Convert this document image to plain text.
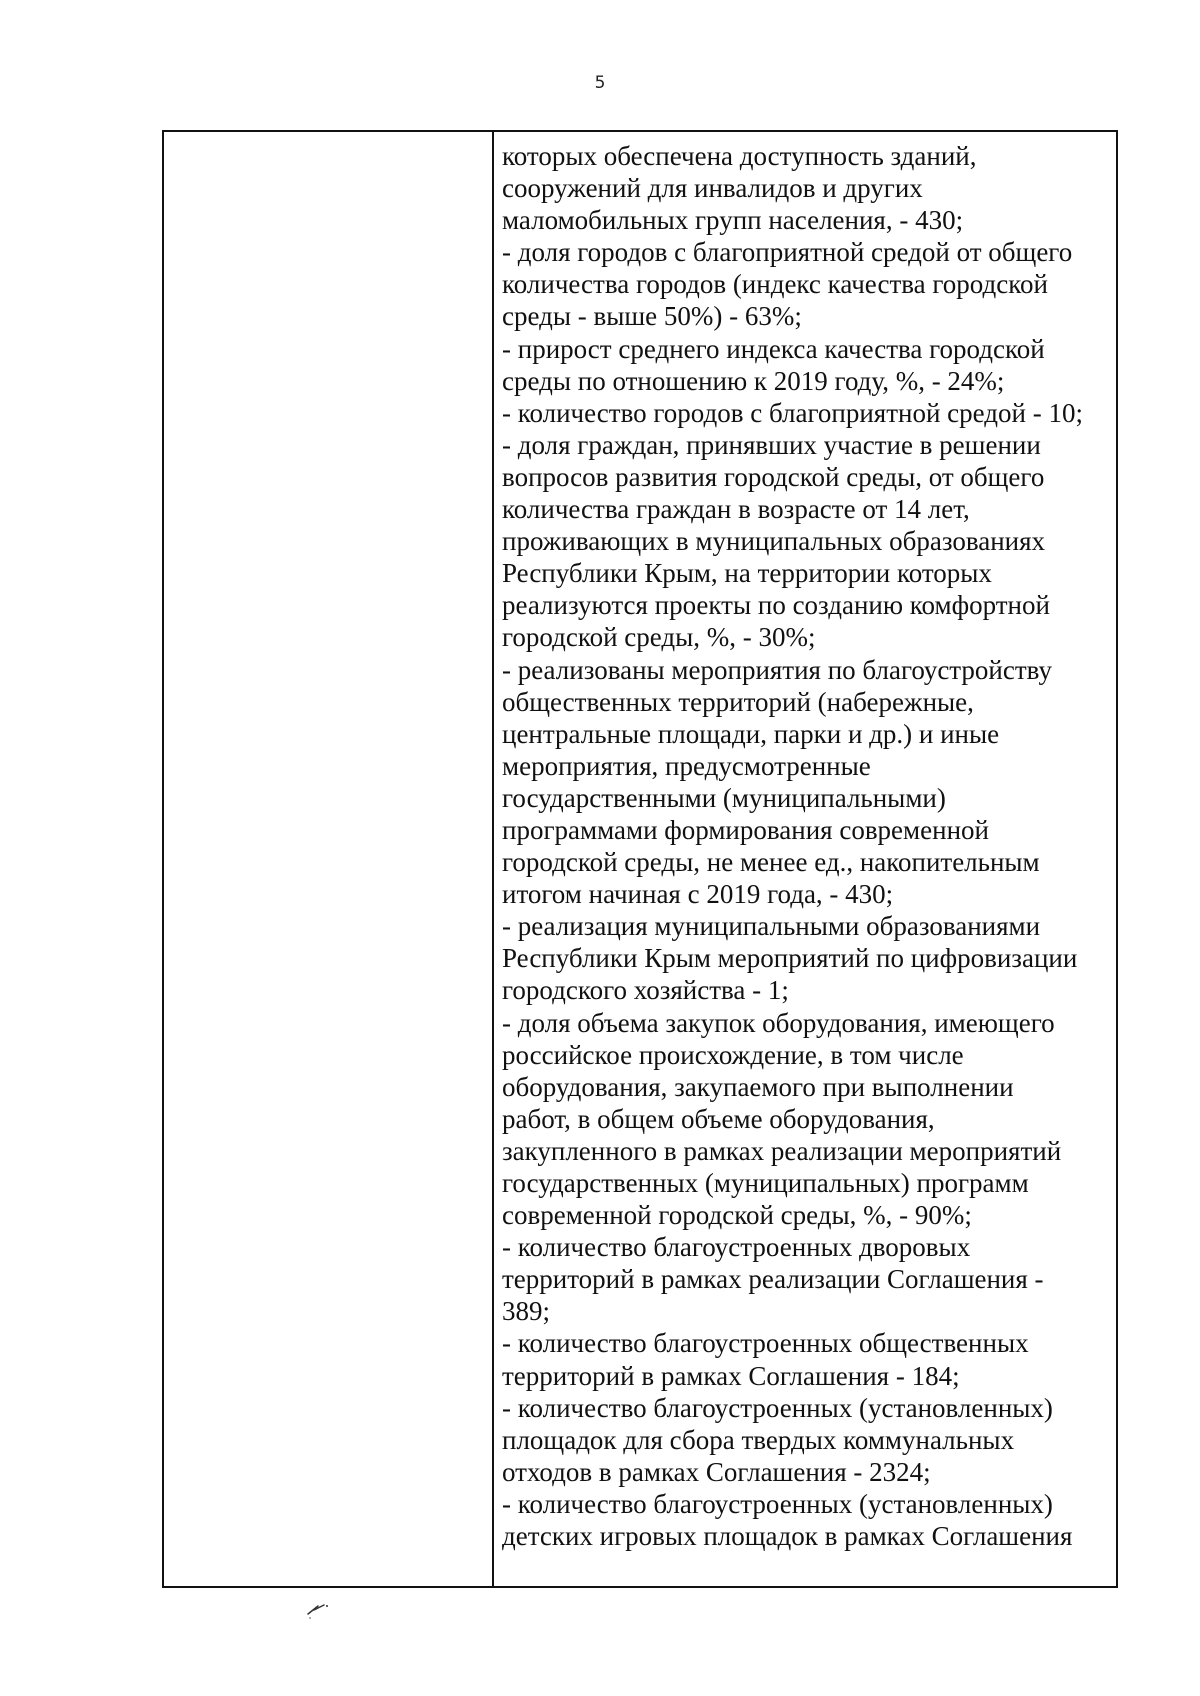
5
которых обеспечена доступность зданий,
сооружений для инвалидов и других
маломобильных групп населения, - 430;
- доля городов с благоприятной средой от общего
количества городов (индекс качества городской
среды - выше 50%) - 63%;
- прирост среднего индекса качества городской
среды по отношению к 2019 году, %, - 24%;
- количество городов с благоприятной средой - 10;
- доля граждан, принявших участие в решении
вопросов развития городской среды, от общего
количества граждан в возрасте от 14 лет,
проживающих в муниципальных образованиях
Республики Крым, на территории которых
реализуются проекты по созданию комфортной
городской среды, %, - 30%;
- реализованы мероприятия по благоустройству
общественных территорий (набережные,
центральные площади, парки и др.) и иные
мероприятия, предусмотренные
государственными (муниципальными)
программами формирования современной
городской среды, не менее ед., накопительным
итогом начиная с 2019 года, - 430;
- реализация муниципальными образованиями
Республики Крым мероприятий по цифровизации
городского хозяйства - 1;
- доля объема закупок оборудования, имеющего
российское происхождение, в том числе
оборудования, закупаемого при выполнении
работ, в общем объеме оборудования,
закупленного в рамках реализации мероприятий
государственных (муниципальных) программ
современной городской среды, %, - 90%;
- количество благоустроенных дворовых
территорий в рамках реализации Соглашения -
389;
- количество благоустроенных общественных
территорий в рамках Соглашения - 184;
- количество благоустроенных (установленных)
площадок для сбора твердых коммунальных
отходов в рамках Соглашения - 2324;
- количество благоустроенных (установленных)
детских игровых площадок в рамках Соглашения
